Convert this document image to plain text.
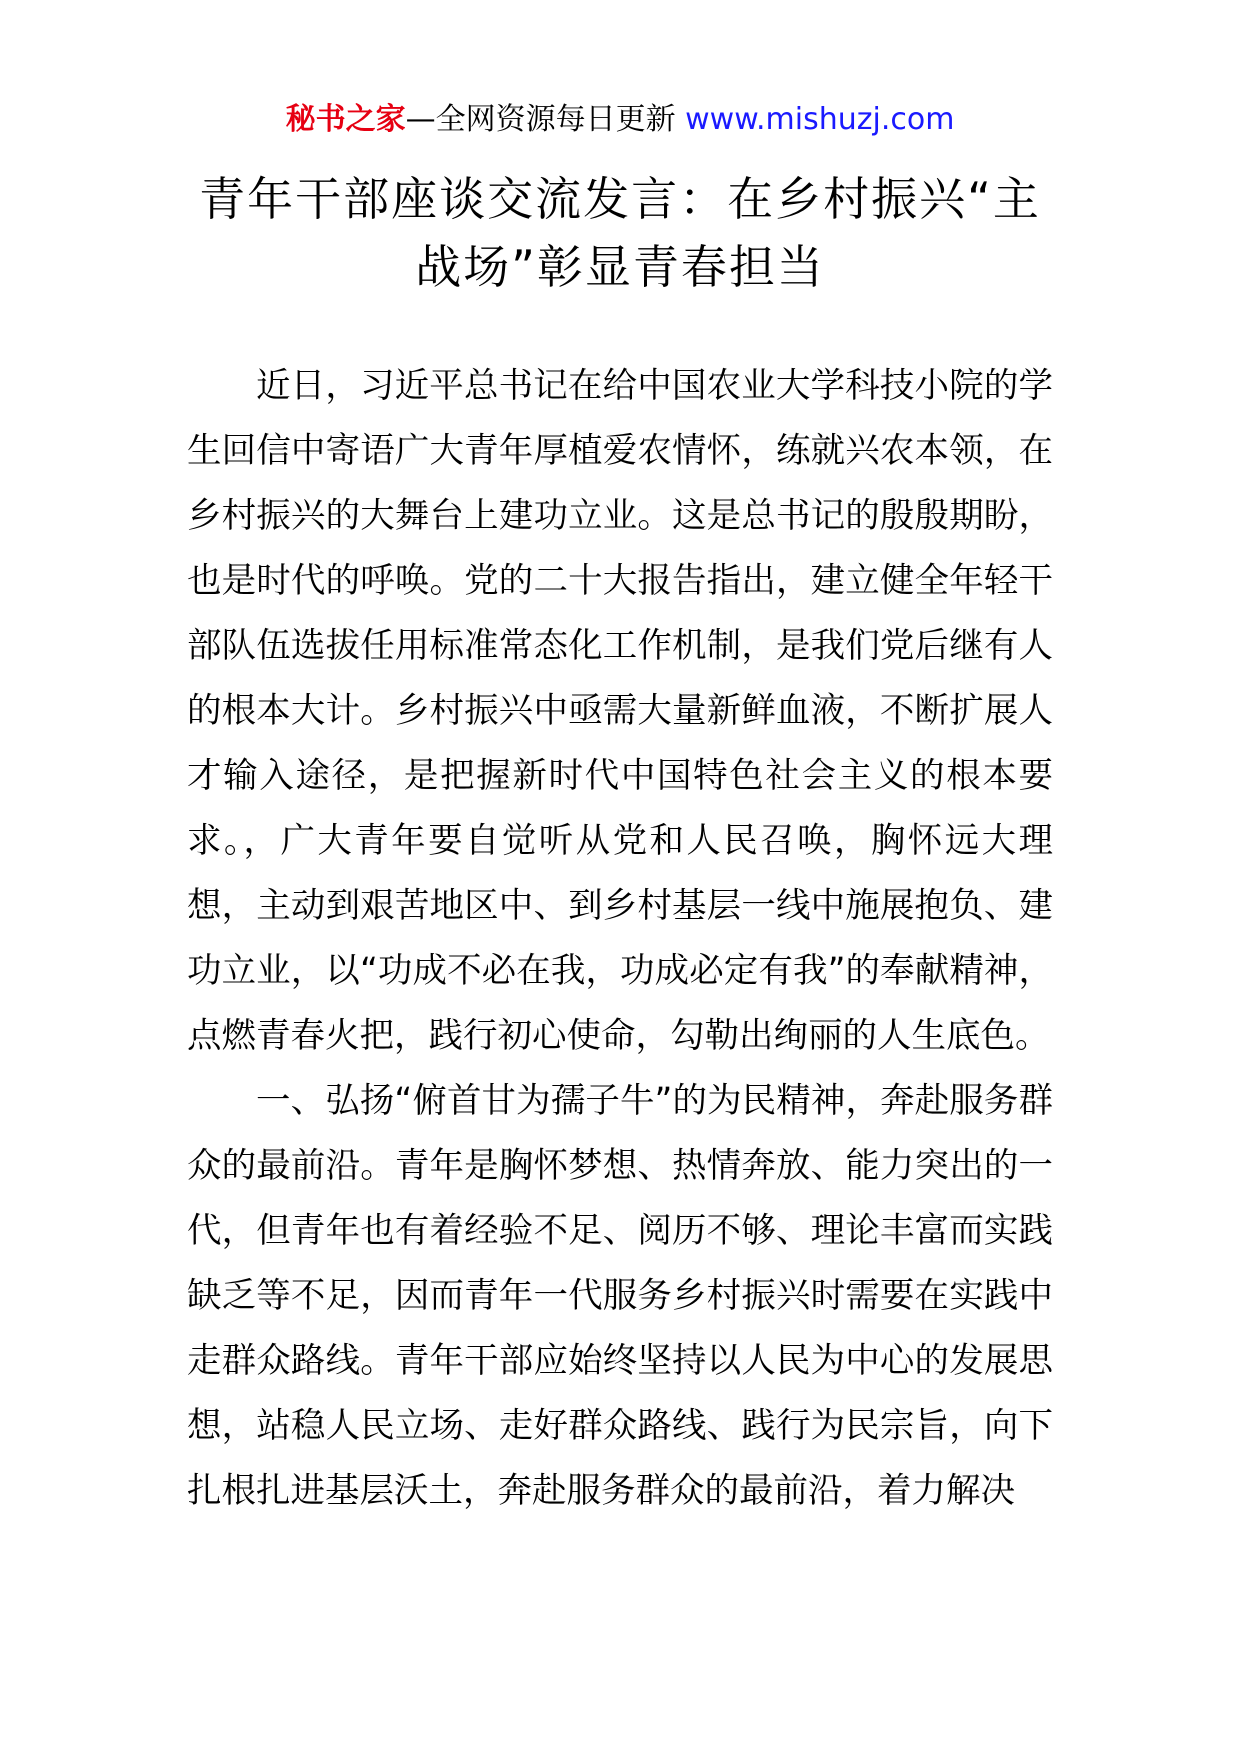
秘书之家—全网资源每日更新 www.mishuzj.com
青年干部座谈交流发言：在乡村振兴“主战场”彰显青春担当

近日，习近平总书记在给中国农业大学科技小院的学生回信中寄语广大青年厚植爱农情怀，练就兴农本领，在乡村振兴的大舞台上建功立业。这是总书记的殷殷期盼，也是时代的呼唤。党的二十大报告指出，建立健全年轻干部队伍选拔任用标准常态化工作机制，是我们党后继有人的根本大计。乡村振兴中亟需大量新鲜血液，不断扩展人才输入途径，是把握新时代中国特色社会主义的根本要求。，广大青年要自觉听从党和人民召唤，胸怀远大理想，主动到艰苦地区中、到乡村基层一线中施展抱负、建功立业，以“功成不必在我，功成必定有我”的奉献精神，点燃青春火把，践行初心使命，勾勒出绚丽的人生底色。

一、弘扬“俯首甘为孺子牛”的为民精神，奔赴服务群众的最前沿。青年是胸怀梦想、热情奔放、能力突出的一代，但青年也有着经验不足、阅历不够、理论丰富而实践缺乏等不足，因而青年一代服务乡村振兴时需要在实践中走群众路线。青年干部应始终坚持以人民为中心的发展思想，站稳人民立场、走好群众路线、践行为民宗旨，向下扎根扎进基层沃土，奔赴服务群众的最前沿，着力解决
